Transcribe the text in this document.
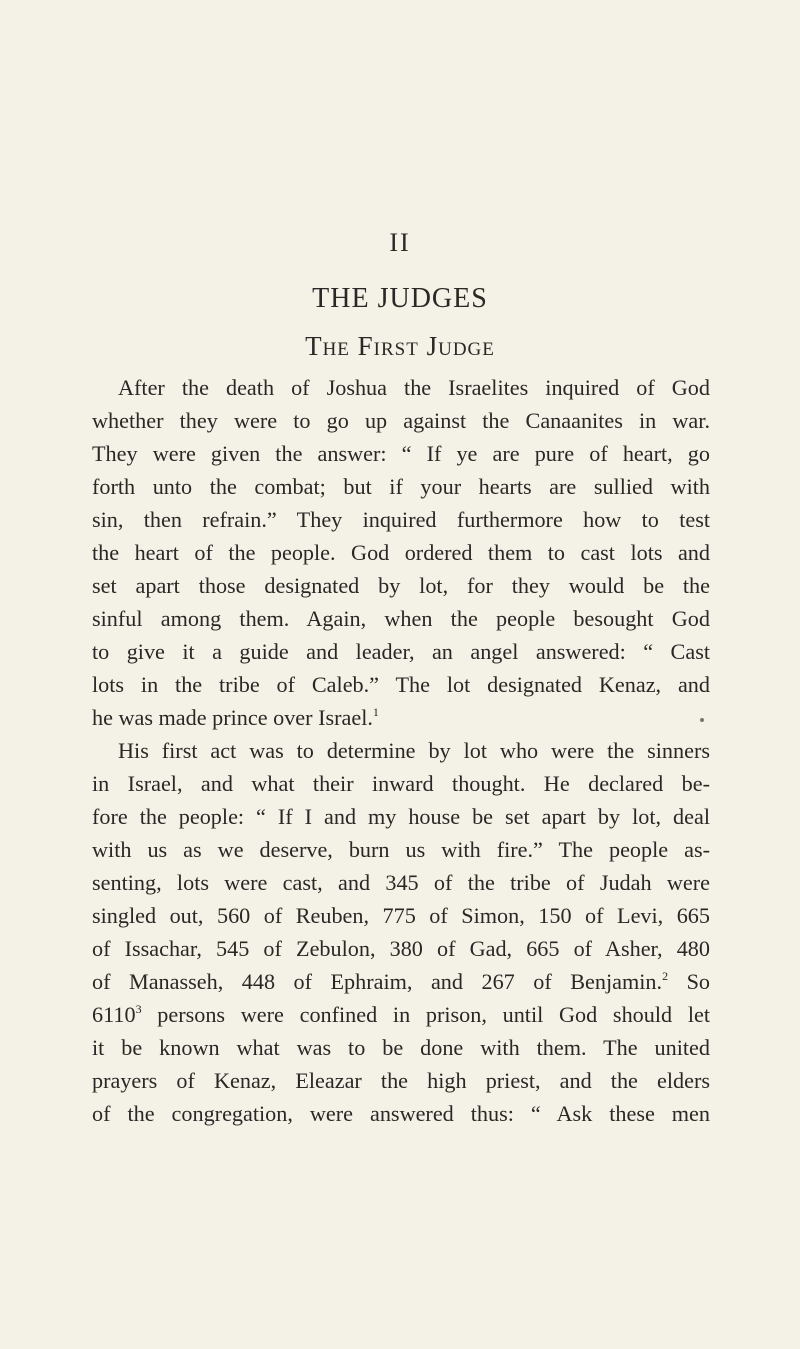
II
THE JUDGES
The First Judge
After the death of Joshua the Israelites inquired of God
whether they were to go up against the Canaanites in war.
They were given the answer: “ If ye are pure of heart, go
forth unto the combat; but if your hearts are sullied with
sin, then refrain.” They inquired furthermore how to test
the heart of the people. God ordered them to cast lots and
set apart those designated by lot, for they would be the
sinful among them. Again, when the people besought God
to give it a guide and leader, an angel answered: “ Cast
lots in the tribe of Caleb.” The lot designated Kenaz, and
he was made prince over Israel.$^1$
His first act was to determine by lot who were the sinners
in Israel, and what their inward thought. He declared be-
fore the people: “ If I and my house be set apart by lot, deal
with us as we deserve, burn us with fire.” The people as-
senting, lots were cast, and 345 of the tribe of Judah were
singled out, 560 of Reuben, 775 of Simon, 150 of Levi, 665
of Issachar, 545 of Zebulon, 380 of Gad, 665 of Asher, 480
of Manasseh, 448 of Ephraim, and 267 of Benjamin.$^2$ So
6110$^3$ persons were confined in prison, until God should let
it be known what was to be done with them. The united
prayers of Kenaz, Eleazar the high priest, and the elders
of the congregation, were answered thus: “ Ask these men
